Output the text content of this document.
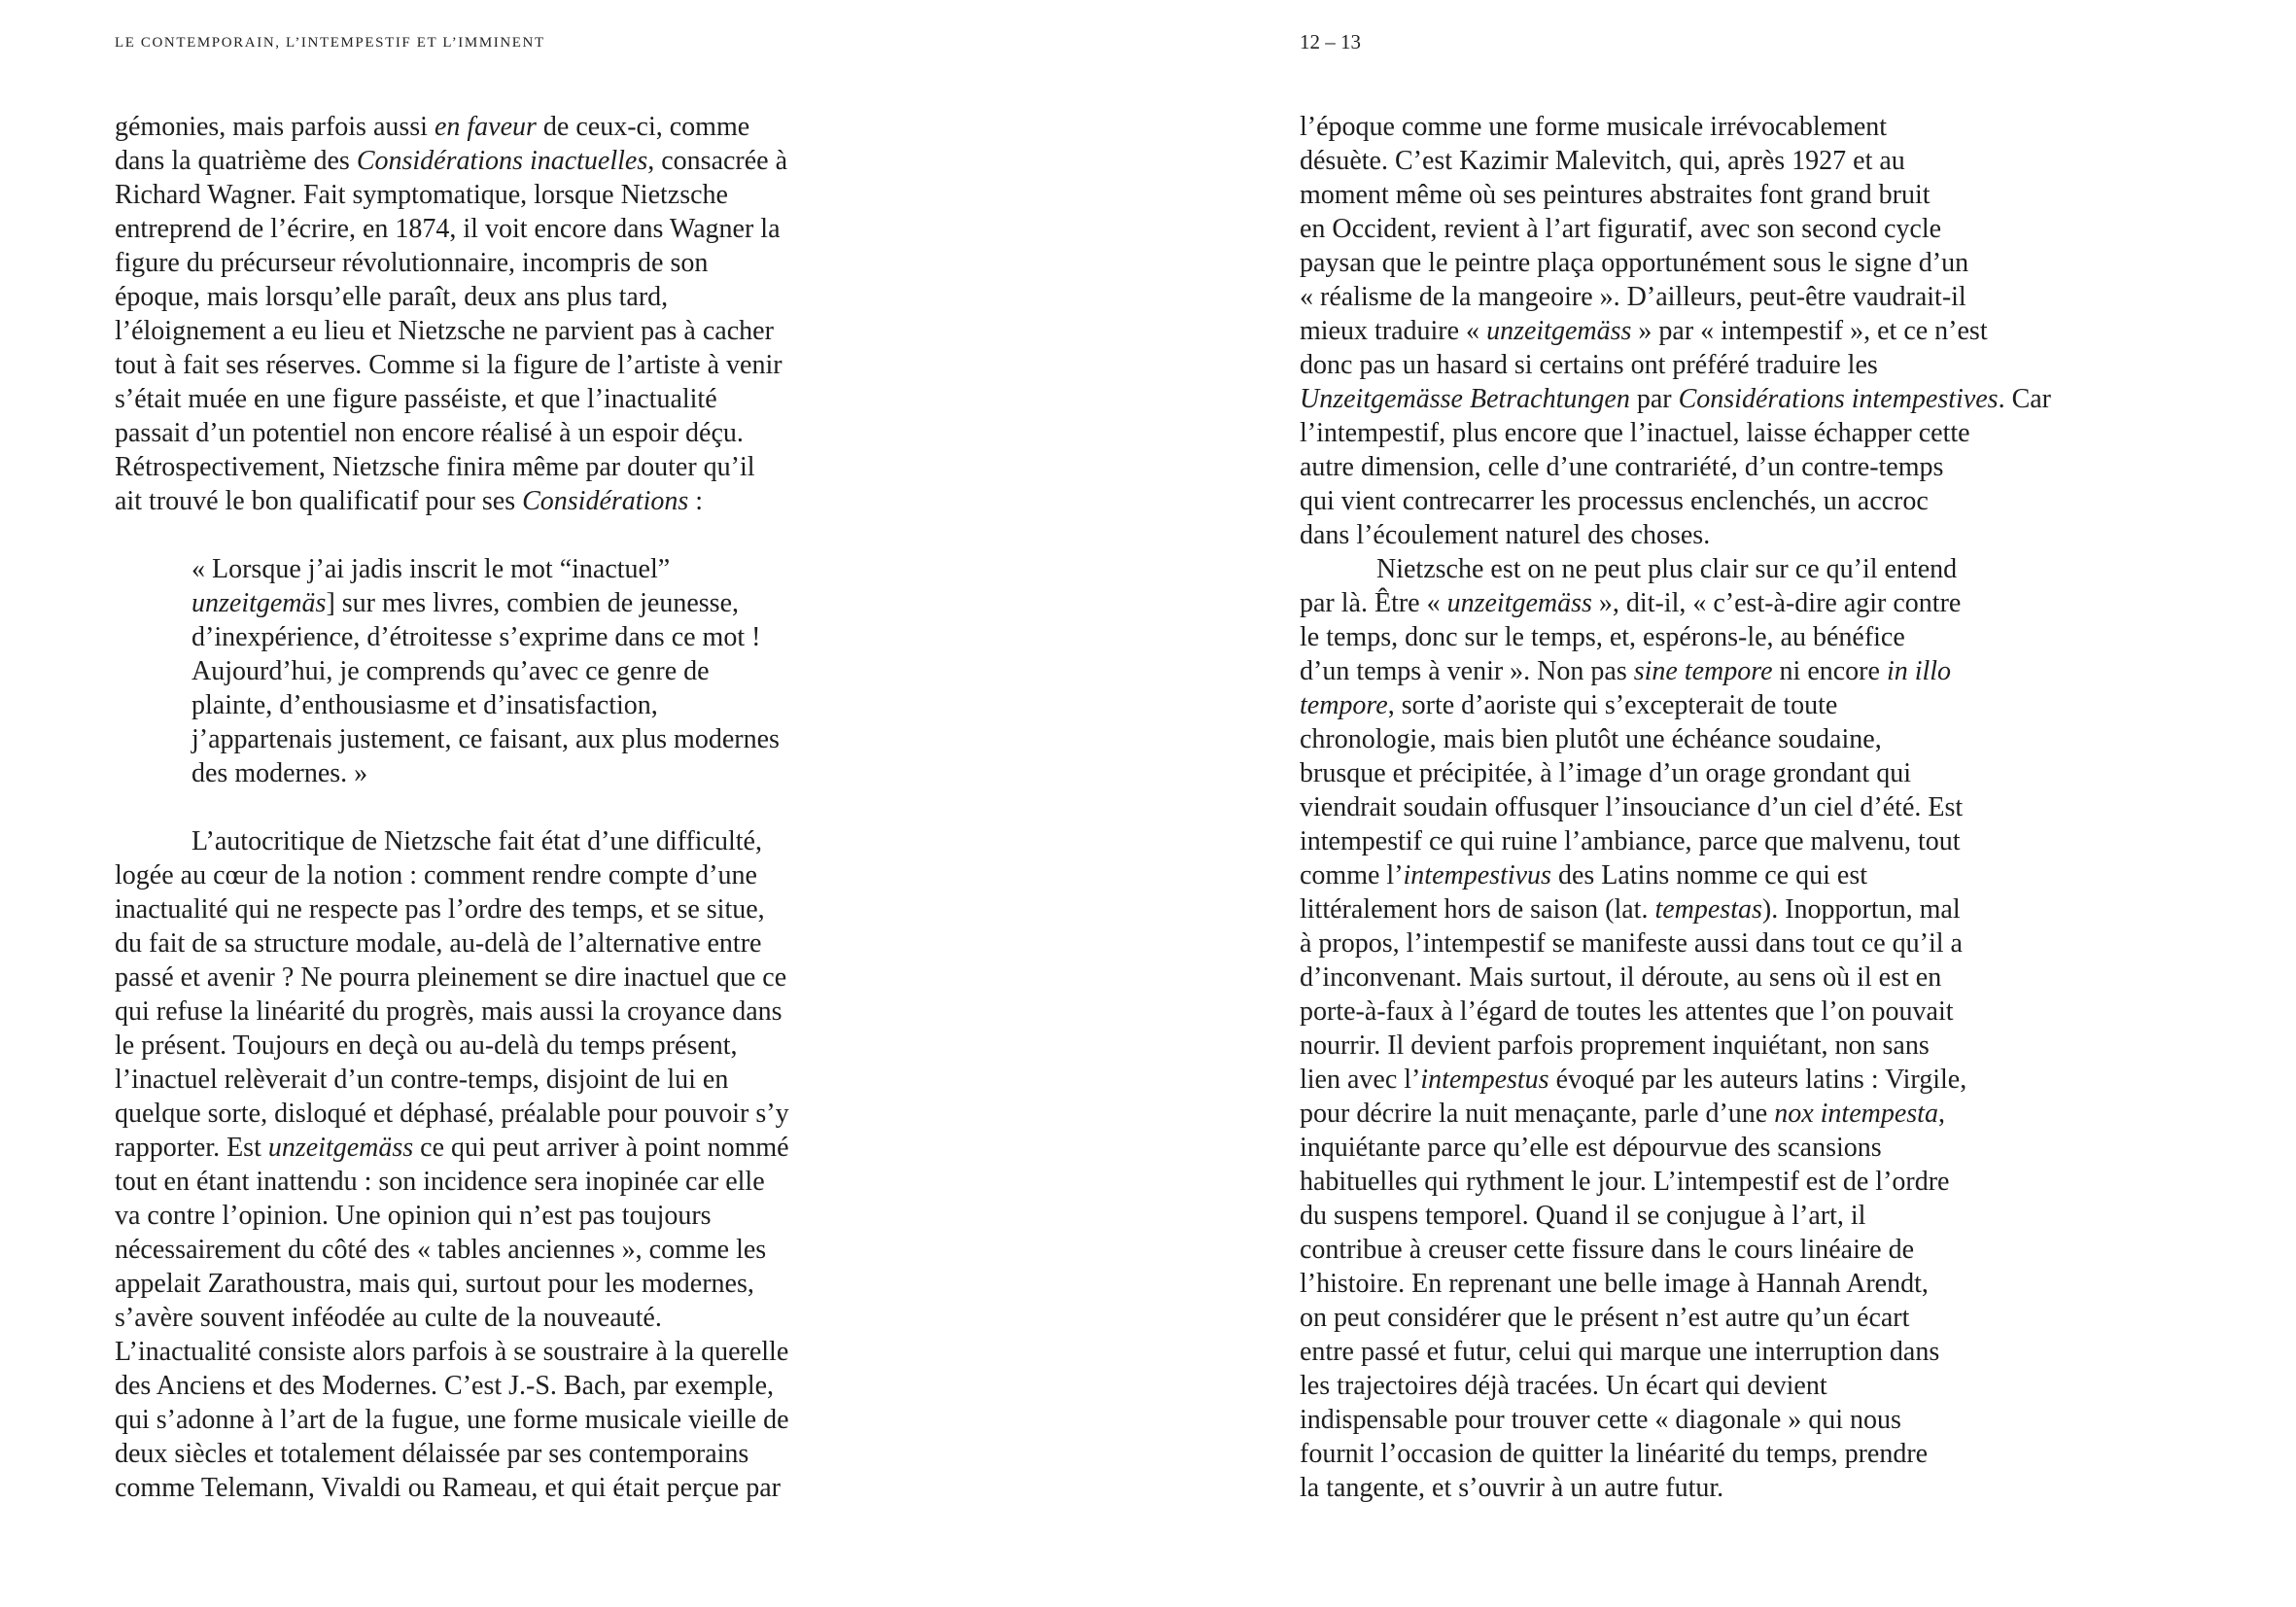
LE CONTEMPORAIN, L’INTEMPESTIF ET L’IMMINENT	12 – 13
gémonies, mais parfois aussi en faveur de ceux-ci, comme
dans la quatrième des Considérations inactuelles, consacrée à
Richard Wagner. Fait symptomatique, lorsque Nietzsche
entreprend de l’écrire, en 1874, il voit encore dans Wagner la
figure du précurseur révolutionnaire, incompris de son
époque, mais lorsqu’elle paraît, deux ans plus tard,
l’éloignement a eu lieu et Nietzsche ne parvient pas à cacher
tout à fait ses réserves. Comme si la figure de l’artiste à venir
s’était muée en une figure passéiste, et que l’inactualité
passait d’un potentiel non encore réalisé à un espoir déçu.
Rétrospectivement, Nietzsche finira même par douter qu’il
ait trouvé le bon qualificatif pour ses Considérations :
« Lorsque j’ai jadis inscrit le mot “inactuel”
unzeitgemäs] sur mes livres, combien de jeunesse,
d’inexpérience, d’étroitesse s’exprime dans ce mot !
Aujourd’hui, je comprends qu’avec ce genre de
plainte, d’enthousiasme et d’insatisfaction,
j’appartenais justement, ce faisant, aux plus modernes
des modernes. »
L’autocritique de Nietzsche fait état d’une difficulté,
logée au cœur de la notion : comment rendre compte d’une
inactualité qui ne respecte pas l’ordre des temps, et se situe,
du fait de sa structure modale, au-delà de l’alternative entre
passé et avenir ? Ne pourra pleinement se dire inactuel que ce
qui refuse la linéarité du progrès, mais aussi la croyance dans
le présent. Toujours en deçà ou au-delà du temps présent,
l’inactuel relèverait d’un contre-temps, disjoint de lui en
quelque sorte, disloqué et déphasé, préalable pour pouvoir s’y
rapporter. Est unzeitgemäss ce qui peut arriver à point nommé
tout en étant inattendu : son incidence sera inopinée car elle
va contre l’opinion. Une opinion qui n’est pas toujours
nécessairement du côté des « tables anciennes », comme les
appelait Zarathoustra, mais qui, surtout pour les modernes,
s’avère souvent inféodée au culte de la nouveauté.
L’inactualité consiste alors parfois à se soustraire à la querelle
des Anciens et des Modernes. C’est J.-S. Bach, par exemple,
qui s’adonne à l’art de la fugue, une forme musicale vieille de
deux siècles et totalement délaissée par ses contemporains
comme Telemann, Vivaldi ou Rameau, et qui était perçue par
l’époque comme une forme musicale irrévocablement
désuète. C’est Kazimir Malevitch, qui, après 1927 et au
moment même où ses peintures abstraites font grand bruit
en Occident, revient à l’art figuratif, avec son second cycle
paysan que le peintre plaça opportunément sous le signe d’un
« réalisme de la mangeoire ». D’ailleurs, peut-être vaudrait-il
mieux traduire « unzeitgemäss » par « intempestif », et ce n’est
donc pas un hasard si certains ont préféré traduire les
Unzeitgemässe Betrachtungen par Considérations intempestives. Car
l’intempestif, plus encore que l’inactuel, laisse échapper cette
autre dimension, celle d’une contrariété, d’un contre-temps
qui vient contrecarrer les processus enclenchés, un accroc
dans l’écoulement naturel des choses.
Nietzsche est on ne peut plus clair sur ce qu’il entend
par là. Être « unzeitgemäss », dit-il, « c’est-à-dire agir contre
le temps, donc sur le temps, et, espérons-le, au bénéfice
d’un temps à venir ». Non pas sine tempore ni encore in illo
tempore, sorte d’aoriste qui s’excepterait de toute
chronologie, mais bien plutôt une échéance soudaine,
brusque et précipitée, à l’image d’un orage grondant qui
viendrait soudain offusquer l’insouciance d’un ciel d’été. Est
intempestif ce qui ruine l’ambiance, parce que malvenu, tout
comme l’intempestivus des Latins nomme ce qui est
littéralement hors de saison (lat. tempestas). Inopportun, mal
à propos, l’intempestif se manifeste aussi dans tout ce qu’il a
d’inconvenant. Mais surtout, il déroute, au sens où il est en
porte-à-faux à l’égard de toutes les attentes que l’on pouvait
nourrir. Il devient parfois proprement inquiétant, non sans
lien avec l’intempestus évoqué par les auteurs latins : Virgile,
pour décrire la nuit menaçante, parle d’une nox intempesta,
inquiétante parce qu’elle est dépourvue des scansions
habituelles qui rythment le jour. L’intempestif est de l’ordre
du suspens temporel. Quand il se conjugue à l’art, il
contribue à creuser cette fissure dans le cours linéaire de
l’histoire. En reprenant une belle image à Hannah Arendt,
on peut considérer que le présent n’est autre qu’un écart
entre passé et futur, celui qui marque une interruption dans
les trajectoires déjà tracées. Un écart qui devient
indispensable pour trouver cette « diagonale » qui nous
fournit l’occasion de quitter la linéarité du temps, prendre
la tangente, et s’ouvrir à un autre futur.
